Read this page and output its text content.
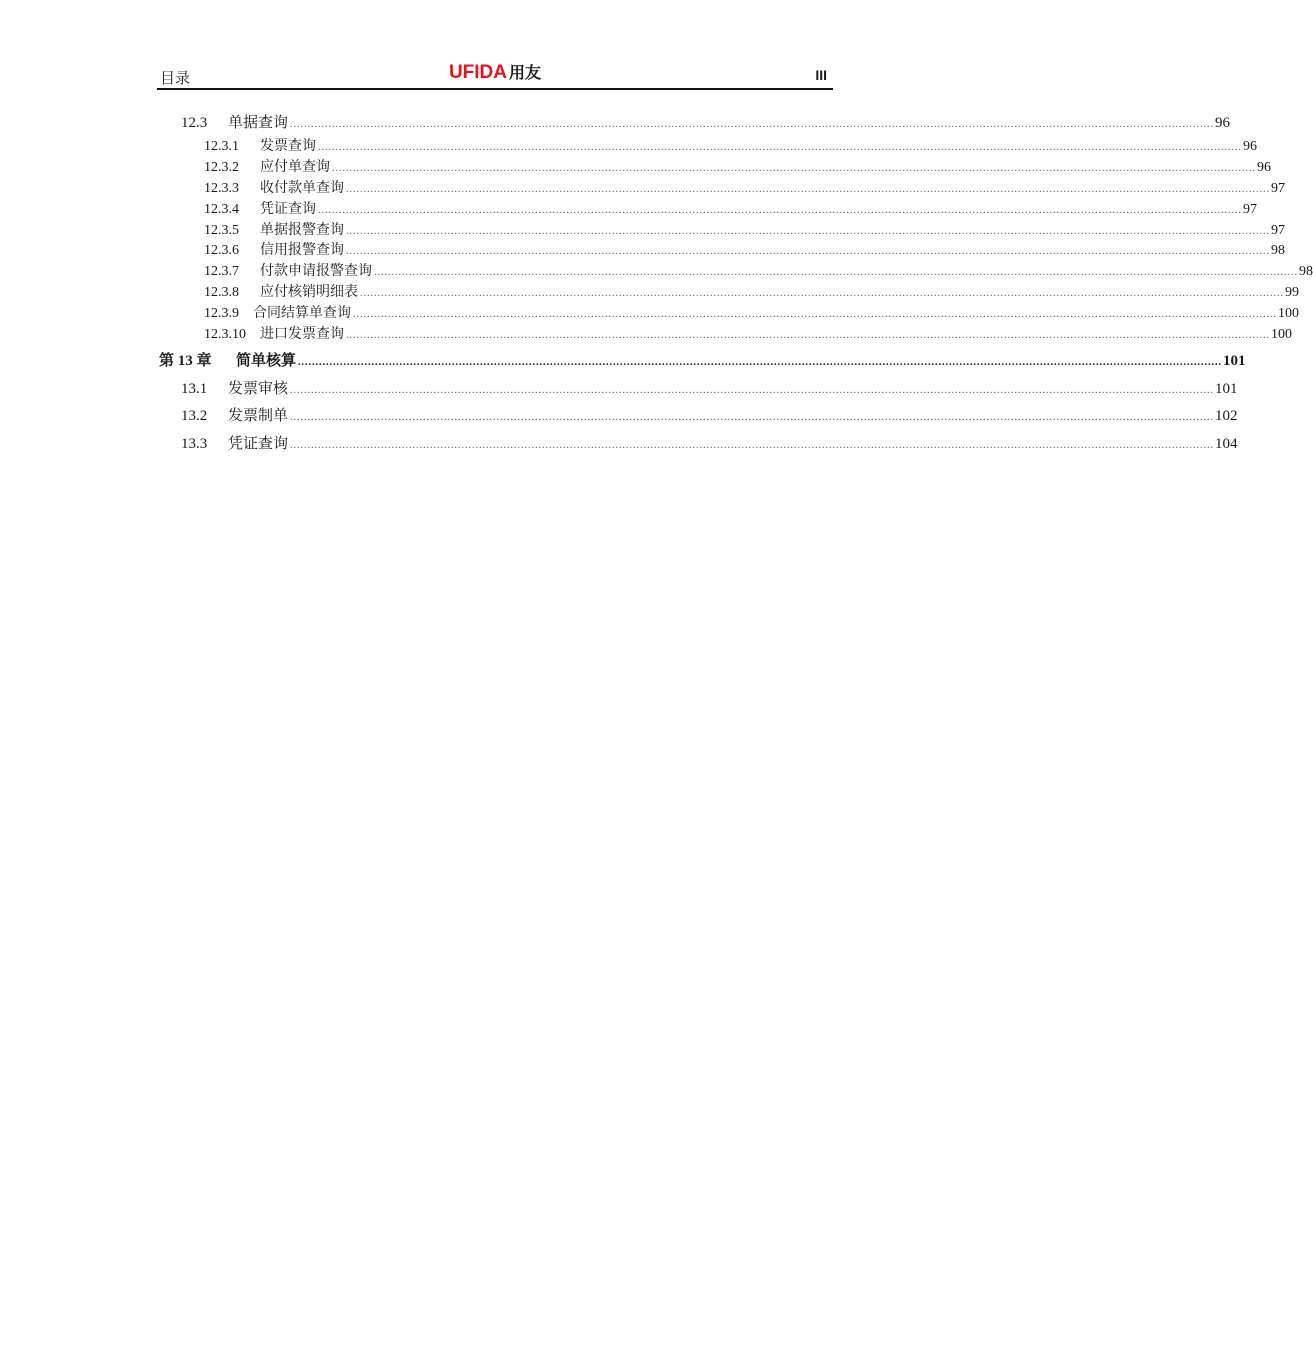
目录	UFIDA 用友	III
12.3	单据查询 ........................................................................................................................................................................................................................................................................ 96
12.3.1	发票查询 ........................................................................................................................................................................................................................................................................ 96
12.3.2	应付单查询 ........................................................................................................................................................................................................................................................................ 96
12.3.3	收付款单查询 ........................................................................................................................................................................................................................................................................ 97
12.3.4	凭证查询 ........................................................................................................................................................................................................................................................................ 97
12.3.5	单据报警查询 ........................................................................................................................................................................................................................................................................ 97
12.3.6	信用报警查询 ........................................................................................................................................................................................................................................................................ 98
12.3.7	付款申请报警查询 ........................................................................................................................................................................................................................................................................ 98
12.3.8	应付核销明细表 ........................................................................................................................................................................................................................................................................ 99
12.3.9	合同结算单查询 ........................................................................................................................................................................................................................................................................ 100
12.3.10	进口发票查询 ........................................................................................................................................................................................................................................................................ 100
第 13 章	简单核算 ........................................................................................................................................................................................................................................................................ 101
13.1	发票审核 ........................................................................................................................................................................................................................................................................ 101
13.2	发票制单 ........................................................................................................................................................................................................................................................................ 102
13.3	凭证查询 ........................................................................................................................................................................................................................................................................ 104
